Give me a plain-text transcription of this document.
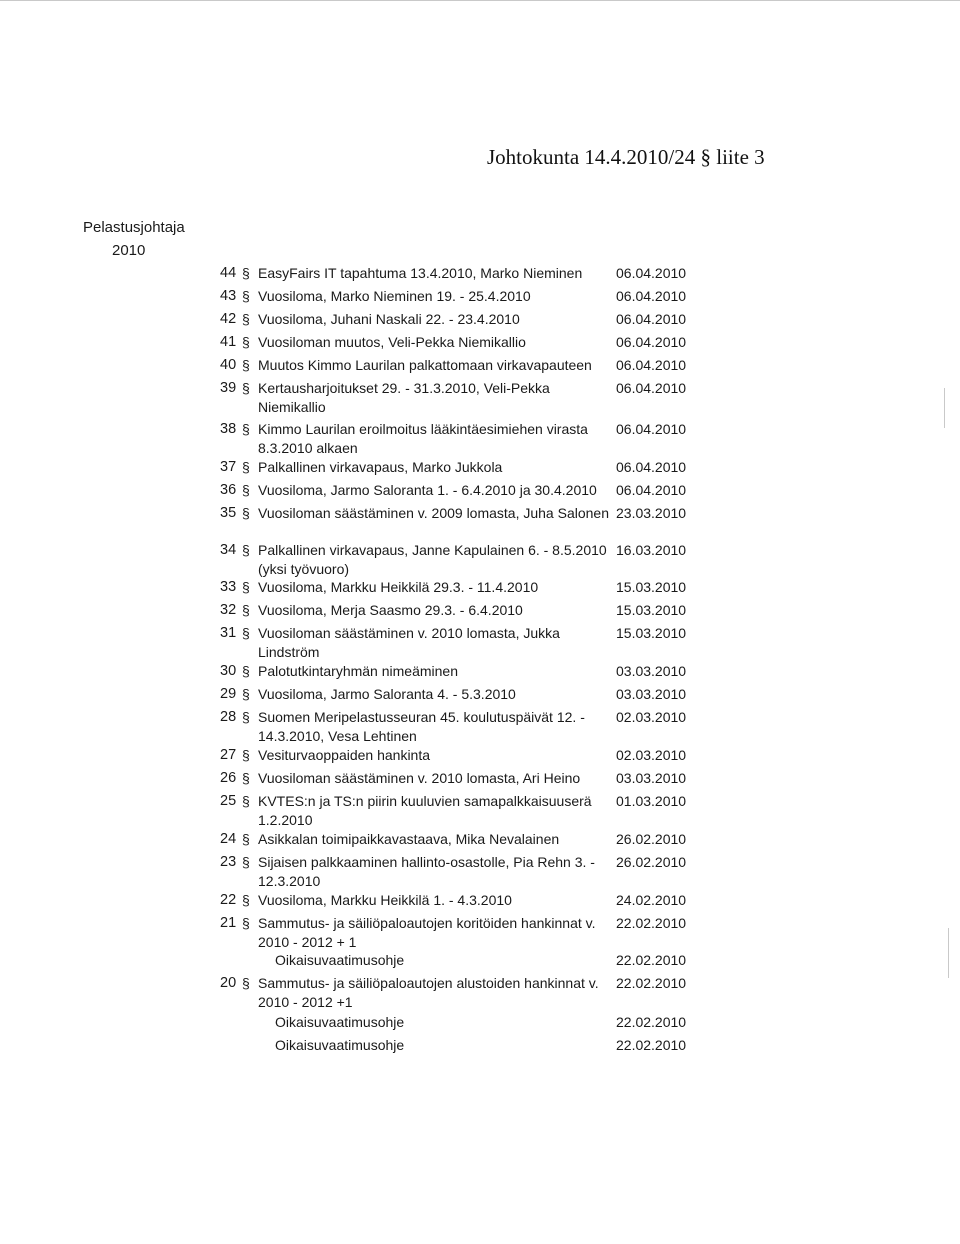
Johtokunta 14.4.2010/24 § liite 3
Pelastusjohtaja
2010
44 § EasyFairs IT tapahtuma 13.4.2010, Marko Nieminen	06.04.2010
43 § Vuosiloma, Marko Nieminen 19. - 25.4.2010	06.04.2010
42 § Vuosiloma, Juhani Naskali 22. - 23.4.2010	06.04.2010
41 § Vuosiloman muutos, Veli-Pekka Niemikallio	06.04.2010
40 § Muutos Kimmo Laurilan palkattomaan virkavapauteen	06.04.2010
39 § Kertausharjoitukset 29. - 31.3.2010, Veli-Pekka Niemikallio
06.04.2010
38 § Kimmo Laurilan eroilmoitus lääkintäesimiehen virasta 8.3.2010 alkaen
06.04.2010
37 § Palkallinen virkavapaus, Marko Jukkola	06.04.2010
36 § Vuosiloma, Jarmo Saloranta 1. - 6.4.2010 ja 30.4.2010	06.04.2010
35 § Vuosiloman säästäminen v. 2009 lomasta, Juha Salonen 23.03.2010
34 § Palkallinen virkavapaus, Janne Kapulainen 6. - 8.5.2010 (yksi työvuoro)
16.03.2010
33 § Vuosiloma, Markku Heikkilä 29.3. - 11.4.2010	15.03.2010
32 § Vuosiloma, Merja Saasmo 29.3. - 6.4.2010	15.03.2010
31 § Vuosiloman säästäminen v. 2010 lomasta, Jukka Lindström
15.03.2010
30 § Palotutkintaryhmän nimeäminen	03.03.2010
29 § Vuosiloma, Jarmo Saloranta 4. - 5.3.2010	03.03.2010
28 § Suomen Meripelastusseuran 45. koulutuspäivät 12. - 14.3.2010, Vesa Lehtinen
02.03.2010
27 § Vesiturvaoppaiden hankinta	02.03.2010
26 § Vuosiloman säästäminen v. 2010 lomasta, Ari Heino	03.03.2010
25 § KVTES:n ja TS:n piirin kuuluvien samapalkkaisuuserä 1.2.2010
01.03.2010
24 § Asikkalan toimipaikkavastaava, Mika Nevalainen	26.02.2010
23 § Sijaisen palkkaaminen hallinto-osastolle, Pia Rehn 3. - 12.3.2010
26.02.2010
22 § Vuosiloma, Markku Heikkilä 1. - 4.3.2010	24.02.2010
21 § Sammutus- ja säiliöpaloautojen koritöiden hankinnat v. 2010 - 2012 + 1
22.02.2010
Oikaisuvaatimusohje	22.02.2010
20 § Sammutus- ja säiliöpaloautojen alustoiden hankinnat v. 2010 - 2012 +1
22.02.2010
Oikaisuvaatimusohje	22.02.2010
Oikaisuvaatimusohje	22.02.2010
